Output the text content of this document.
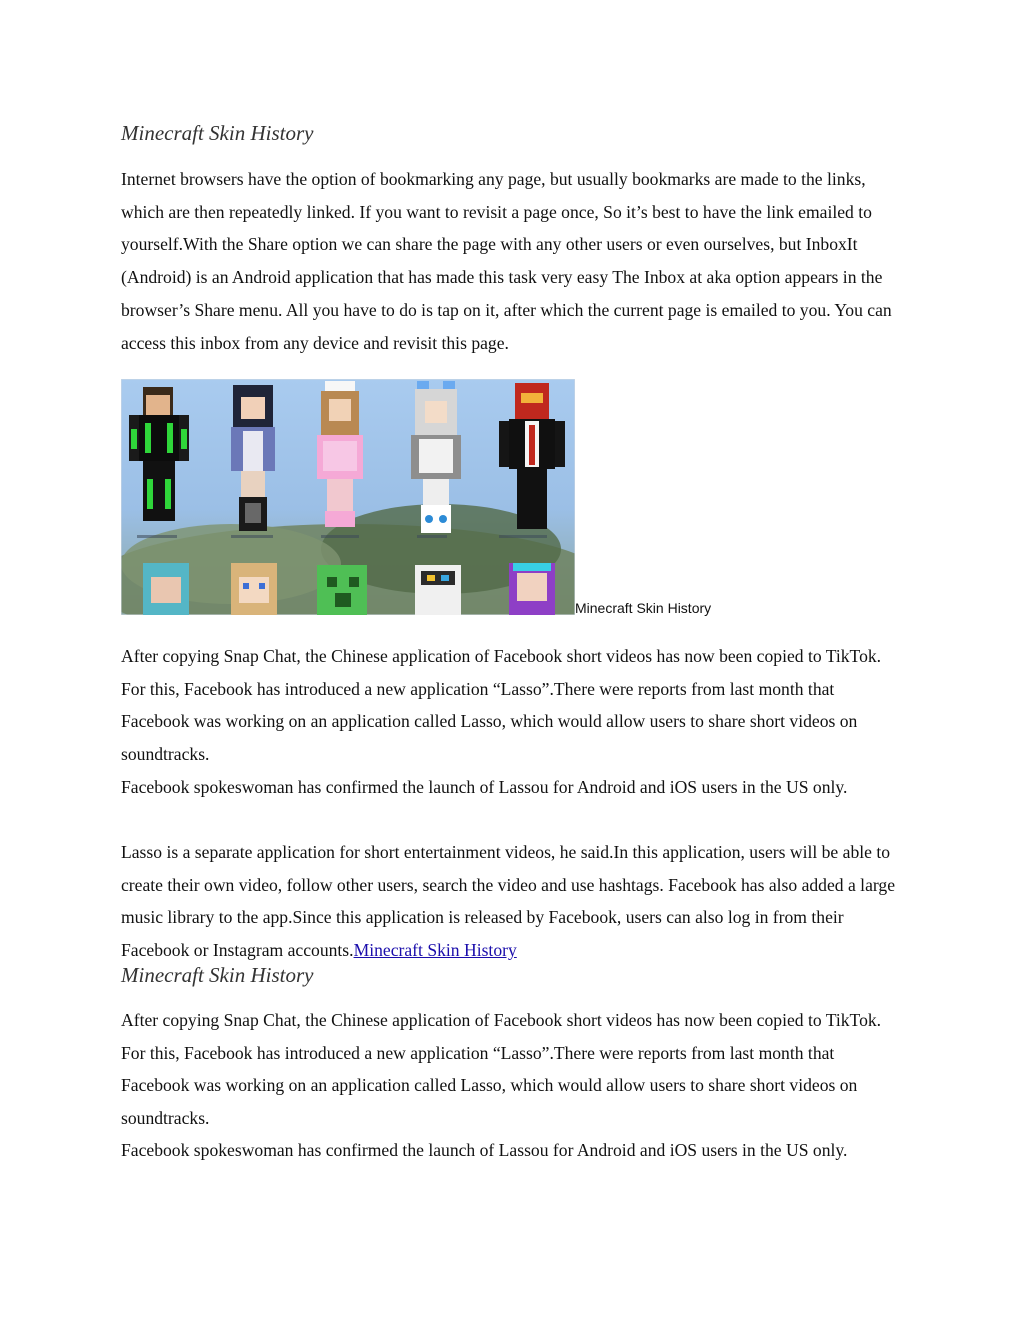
Minecraft Skin History

Internet browsers have the option of bookmarking any page, but usually bookmarks are made to the links, which are then repeatedly linked. If you want to revisit a page once, So it’s best to have the link emailed to yourself.With the Share option we can share the page with any other users or even ourselves, but InboxIt (Android) is an Android application that has made this task very easy The Inbox at aka option appears in the browser’s Share menu. All you have to do is tap on it, after which the current page is emailed to you. You can access this inbox from any device and revisit this page.

Minecraft Skin History

After copying Snap Chat, the Chinese application of Facebook short videos has now been copied to TikTok. For this, Facebook has introduced a new application “Lasso”.There were reports from last month that Facebook was working on an application called Lasso, which would allow users to share short videos on soundtracks.

Facebook spokeswoman has confirmed the launch of Lassou for Android and iOS users in the US only.

Lasso is a separate application for short entertainment videos, he said.In this application, users will be able to create their own video, follow other users, search the video and use hashtags. Facebook has also added a large music library to the app.Since this application is released by Facebook, users can also log in from their Facebook or Instagram accounts.Minecraft Skin History

Minecraft Skin History

After copying Snap Chat, the Chinese application of Facebook short videos has now been copied to TikTok. For this, Facebook has introduced a new application “Lasso”.There were reports from last month that Facebook was working on an application called Lasso, which would allow users to share short videos on soundtracks.

Facebook spokeswoman has confirmed the launch of Lassou for Android and iOS users in the US only.
